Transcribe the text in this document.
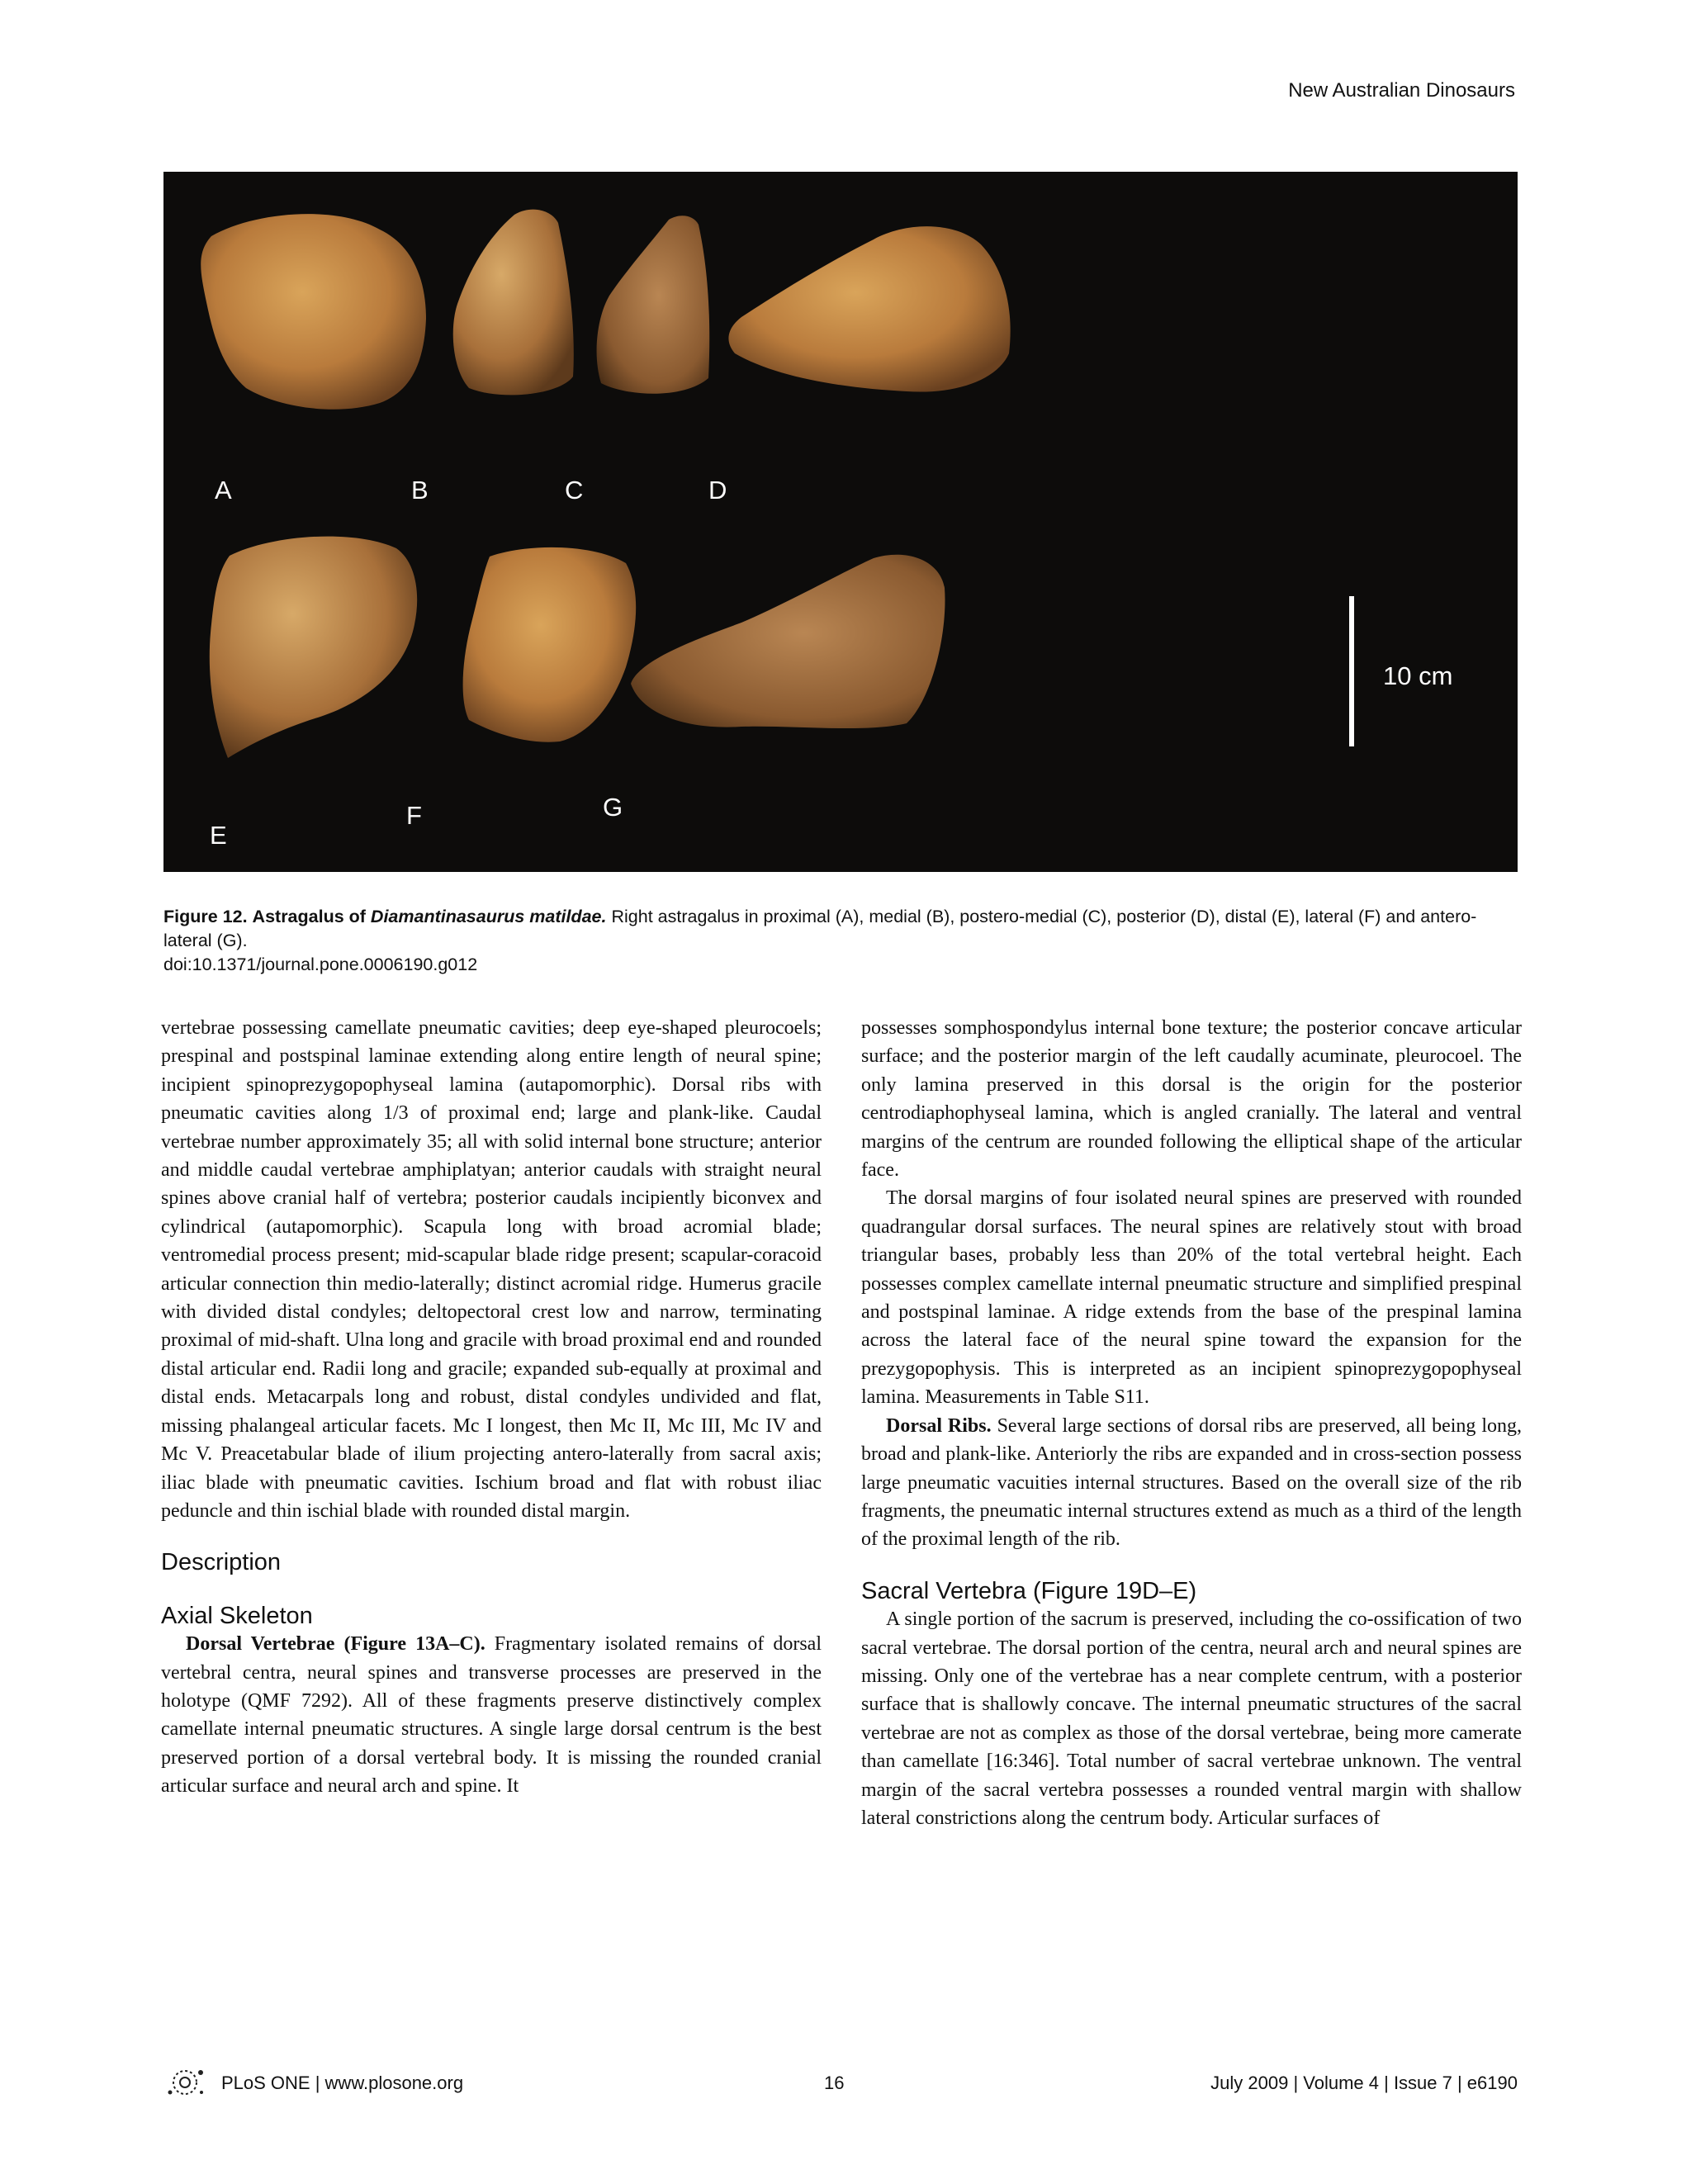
New Australian Dinosaurs
A	B	C	D
E
F	G
10 cm
Figure 12. Astragalus of Diamantinasaurus matildae. Right astragalus in proximal (A), medial (B), postero-medial (C), posterior (D), distal (E), lateral (F) and antero-lateral (G).
doi:10.1371/journal.pone.0006190.g012

vertebrae possessing camellate pneumatic cavities; deep eye-shaped pleurocoels; prespinal and postspinal laminae extending along entire length of neural spine; incipient spinoprezygopophyseal lamina (autapomorphic). Dorsal ribs with pneumatic cavities along 1/3 of proximal end; large and plank-like. Caudal vertebrae number approximately 35; all with solid internal bone structure; anterior and middle caudal vertebrae amphiplatyan; anterior caudals with straight neural spines above cranial half of vertebra; posterior caudals incipiently biconvex and cylindrical (autapomorphic). Scapula long with broad acromial blade; ventromedial process present; mid-scapular blade ridge present; scapular-coracoid articular connection thin medio-laterally; distinct acromial ridge. Humerus gracile with divided distal condyles; deltopectoral crest low and narrow, terminating proximal of mid-shaft. Ulna long and gracile with broad proximal end and rounded distal articular end. Radii long and gracile; expanded sub-equally at proximal and distal ends. Metacarpals long and robust, distal condyles undivided and flat, missing phalangeal articular facets. Mc I longest, then Mc II, Mc III, Mc IV and Mc V. Preacetabular blade of ilium projecting antero-laterally from sacral axis; iliac blade with pneumatic cavities. Ischium broad and flat with robust iliac peduncle and thin ischial blade with rounded distal margin.

Description
Axial Skeleton

Dorsal Vertebrae (Figure 13A–C). Fragmentary isolated remains of dorsal vertebral centra, neural spines and transverse processes are preserved in the holotype (QMF 7292). All of these fragments preserve distinctively complex camellate internal pneumatic structures. A single large dorsal centrum is the best preserved portion of a dorsal vertebral body. It is missing the rounded cranial articular surface and neural arch and spine. It

possesses somphospondylus internal bone texture; the posterior concave articular surface; and the posterior margin of the left caudally acuminate, pleurocoel. The only lamina preserved in this dorsal is the origin for the posterior centrodiaphophyseal lamina, which is angled cranially. The lateral and ventral margins of the centrum are rounded following the elliptical shape of the articular face.

The dorsal margins of four isolated neural spines are preserved with rounded quadrangular dorsal surfaces. The neural spines are relatively stout with broad triangular bases, probably less than 20% of the total vertebral height. Each possesses complex camellate internal pneumatic structure and simplified prespinal and postspinal laminae. A ridge extends from the base of the prespinal lamina across the lateral face of the neural spine toward the expansion for the prezygopophysis. This is interpreted as an incipient spinoprezygopophyseal lamina. Measurements in Table S11.

Dorsal Ribs. Several large sections of dorsal ribs are preserved, all being long, broad and plank-like. Anteriorly the ribs are expanded and in cross-section possess large pneumatic vacuities internal structures. Based on the overall size of the rib fragments, the pneumatic internal structures extend as much as a third of the length of the proximal length of the rib.

Sacral Vertebra (Figure 19D–E)

A single portion of the sacrum is preserved, including the co-ossification of two sacral vertebrae. The dorsal portion of the centra, neural arch and neural spines are missing. Only one of the vertebrae has a near complete centrum, with a posterior surface that is shallowly concave. The internal pneumatic structures of the sacral vertebrae are not as complex as those of the dorsal vertebrae, being more camerate than camellate [16:346]. Total number of sacral vertebrae unknown. The ventral margin of the sacral vertebra possesses a rounded ventral margin with shallow lateral constrictions along the centrum body. Articular surfaces of

PLoS ONE | www.plosone.org	16	July 2009 | Volume 4 | Issue 7 | e6190
